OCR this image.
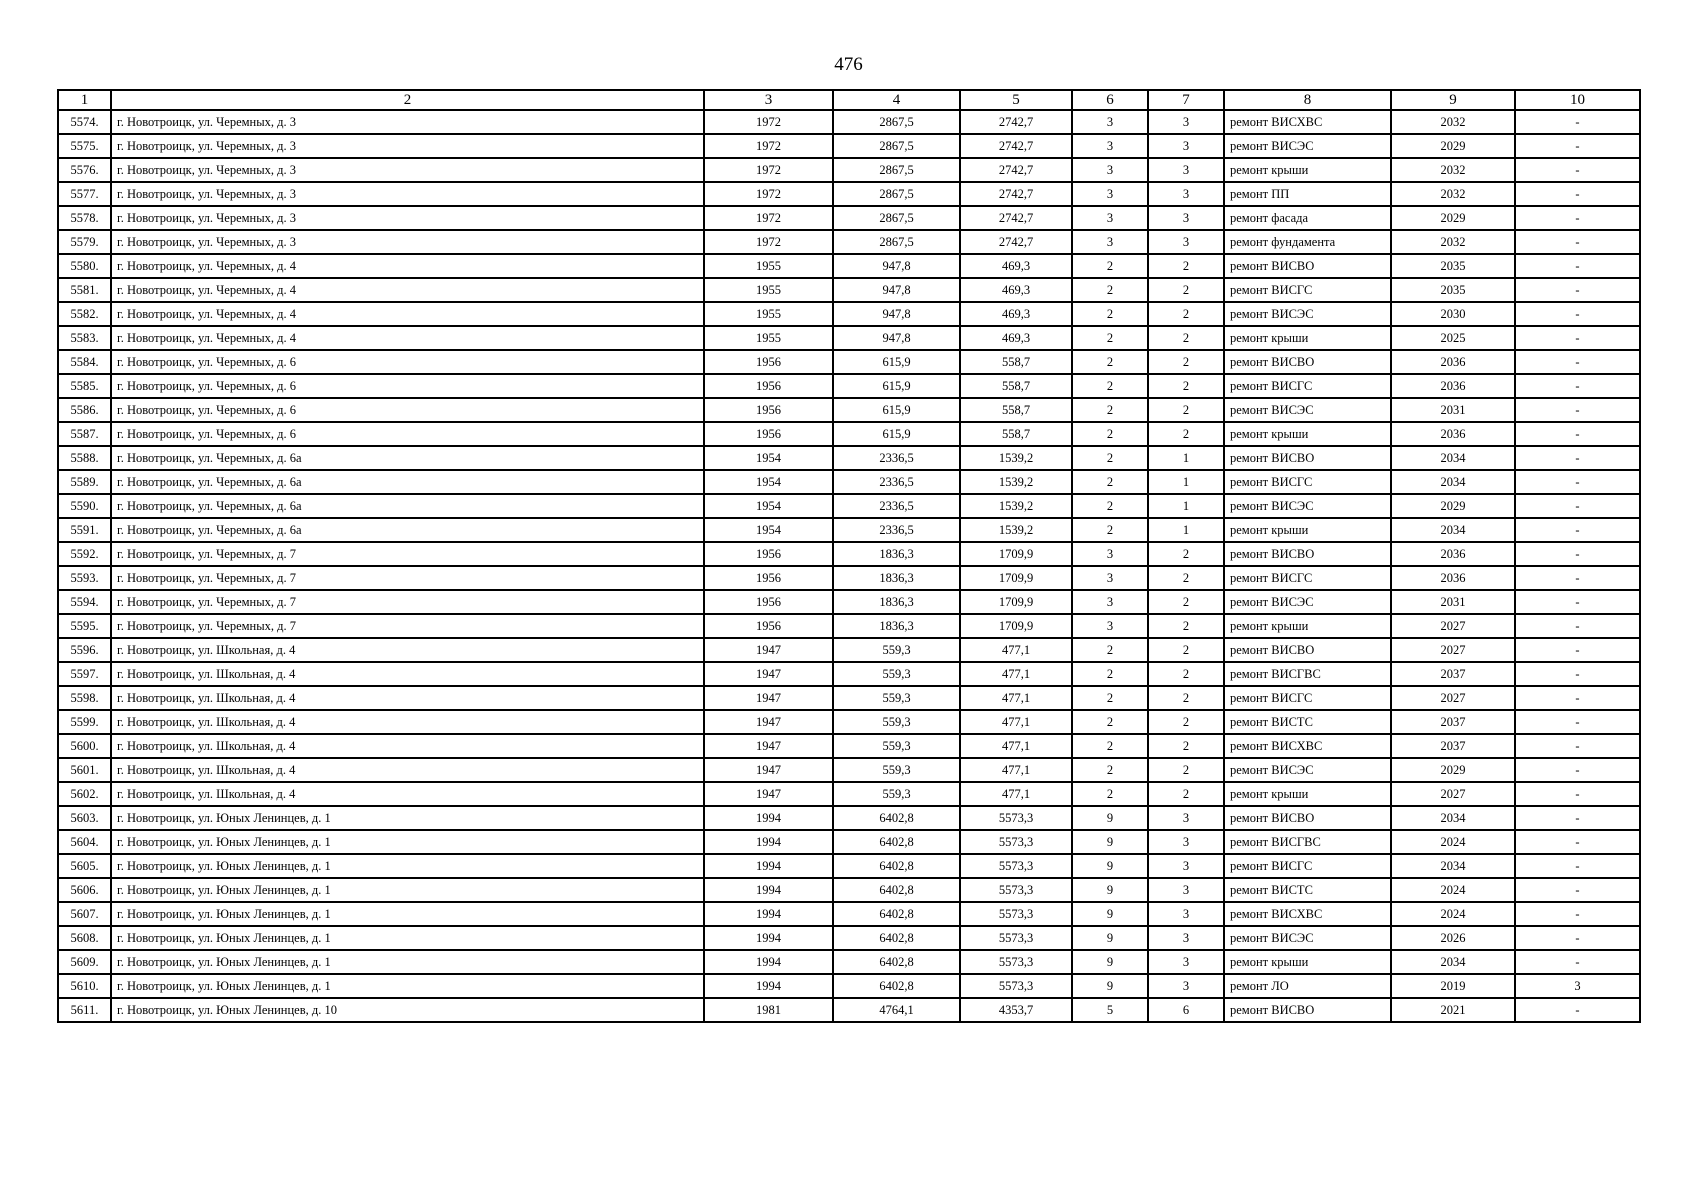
476
1	2	3	4	5	6	7	8	9	10
5574.	г. Новотроицк, ул. Черемных, д. 3	1972	2867,5	2742,7	3	3	ремонт ВИСХВС	2032	-
5575.	г. Новотроицк, ул. Черемных, д. 3	1972	2867,5	2742,7	3	3	ремонт ВИСЭС	2029	-
5576.	г. Новотроицк, ул. Черемных, д. 3	1972	2867,5	2742,7	3	3	ремонт крыши	2032	-
5577.	г. Новотроицк, ул. Черемных, д. 3	1972	2867,5	2742,7	3	3	ремонт ПП	2032	-
5578.	г. Новотроицк, ул. Черемных, д. 3	1972	2867,5	2742,7	3	3	ремонт фасада	2029	-
5579.	г. Новотроицк, ул. Черемных, д. 3	1972	2867,5	2742,7	3	3	ремонт фундамента	2032	-
5580.	г. Новотроицк, ул. Черемных, д. 4	1955	947,8	469,3	2	2	ремонт ВИСВО	2035	-
5581.	г. Новотроицк, ул. Черемных, д. 4	1955	947,8	469,3	2	2	ремонт ВИСГС	2035	-
5582.	г. Новотроицк, ул. Черемных, д. 4	1955	947,8	469,3	2	2	ремонт ВИСЭС	2030	-
5583.	г. Новотроицк, ул. Черемных, д. 4	1955	947,8	469,3	2	2	ремонт крыши	2025	-
5584.	г. Новотроицк, ул. Черемных, д. 6	1956	615,9	558,7	2	2	ремонт ВИСВО	2036	-
5585.	г. Новотроицк, ул. Черемных, д. 6	1956	615,9	558,7	2	2	ремонт ВИСГС	2036	-
5586.	г. Новотроицк, ул. Черемных, д. 6	1956	615,9	558,7	2	2	ремонт ВИСЭС	2031	-
5587.	г. Новотроицк, ул. Черемных, д. 6	1956	615,9	558,7	2	2	ремонт крыши	2036	-
5588.	г. Новотроицк, ул. Черемных, д. 6а	1954	2336,5	1539,2	2	1	ремонт ВИСВО	2034	-
5589.	г. Новотроицк, ул. Черемных, д. 6а	1954	2336,5	1539,2	2	1	ремонт ВИСГС	2034	-
5590.	г. Новотроицк, ул. Черемных, д. 6а	1954	2336,5	1539,2	2	1	ремонт ВИСЭС	2029	-
5591.	г. Новотроицк, ул. Черемных, д. 6а	1954	2336,5	1539,2	2	1	ремонт крыши	2034	-
5592.	г. Новотроицк, ул. Черемных, д. 7	1956	1836,3	1709,9	3	2	ремонт ВИСВО	2036	-
5593.	г. Новотроицк, ул. Черемных, д. 7	1956	1836,3	1709,9	3	2	ремонт ВИСГС	2036	-
5594.	г. Новотроицк, ул. Черемных, д. 7	1956	1836,3	1709,9	3	2	ремонт ВИСЭС	2031	-
5595.	г. Новотроицк, ул. Черемных, д. 7	1956	1836,3	1709,9	3	2	ремонт крыши	2027	-
5596.	г. Новотроицк, ул. Школьная, д. 4	1947	559,3	477,1	2	2	ремонт ВИСВО	2027	-
5597.	г. Новотроицк, ул. Школьная, д. 4	1947	559,3	477,1	2	2	ремонт ВИСГВС	2037	-
5598.	г. Новотроицк, ул. Школьная, д. 4	1947	559,3	477,1	2	2	ремонт ВИСГС	2027	-
5599.	г. Новотроицк, ул. Школьная, д. 4	1947	559,3	477,1	2	2	ремонт ВИСТС	2037	-
5600.	г. Новотроицк, ул. Школьная, д. 4	1947	559,3	477,1	2	2	ремонт ВИСХВС	2037	-
5601.	г. Новотроицк, ул. Школьная, д. 4	1947	559,3	477,1	2	2	ремонт ВИСЭС	2029	-
5602.	г. Новотроицк, ул. Школьная, д. 4	1947	559,3	477,1	2	2	ремонт крыши	2027	-
5603.	г. Новотроицк, ул. Юных Ленинцев, д. 1	1994	6402,8	5573,3	9	3	ремонт ВИСВО	2034	-
5604.	г. Новотроицк, ул. Юных Ленинцев, д. 1	1994	6402,8	5573,3	9	3	ремонт ВИСГВС	2024	-
5605.	г. Новотроицк, ул. Юных Ленинцев, д. 1	1994	6402,8	5573,3	9	3	ремонт ВИСГС	2034	-
5606.	г. Новотроицк, ул. Юных Ленинцев, д. 1	1994	6402,8	5573,3	9	3	ремонт ВИСТС	2024	-
5607.	г. Новотроицк, ул. Юных Ленинцев, д. 1	1994	6402,8	5573,3	9	3	ремонт ВИСХВС	2024	-
5608.	г. Новотроицк, ул. Юных Ленинцев, д. 1	1994	6402,8	5573,3	9	3	ремонт ВИСЭС	2026	-
5609.	г. Новотроицк, ул. Юных Ленинцев, д. 1	1994	6402,8	5573,3	9	3	ремонт крыши	2034	-
5610.	г. Новотроицк, ул. Юных Ленинцев, д. 1	1994	6402,8	5573,3	9	3	ремонт ЛО	2019	3
5611.	г. Новотроицк, ул. Юных Ленинцев, д. 10	1981	4764,1	4353,7	5	6	ремонт ВИСВО	2021	-
